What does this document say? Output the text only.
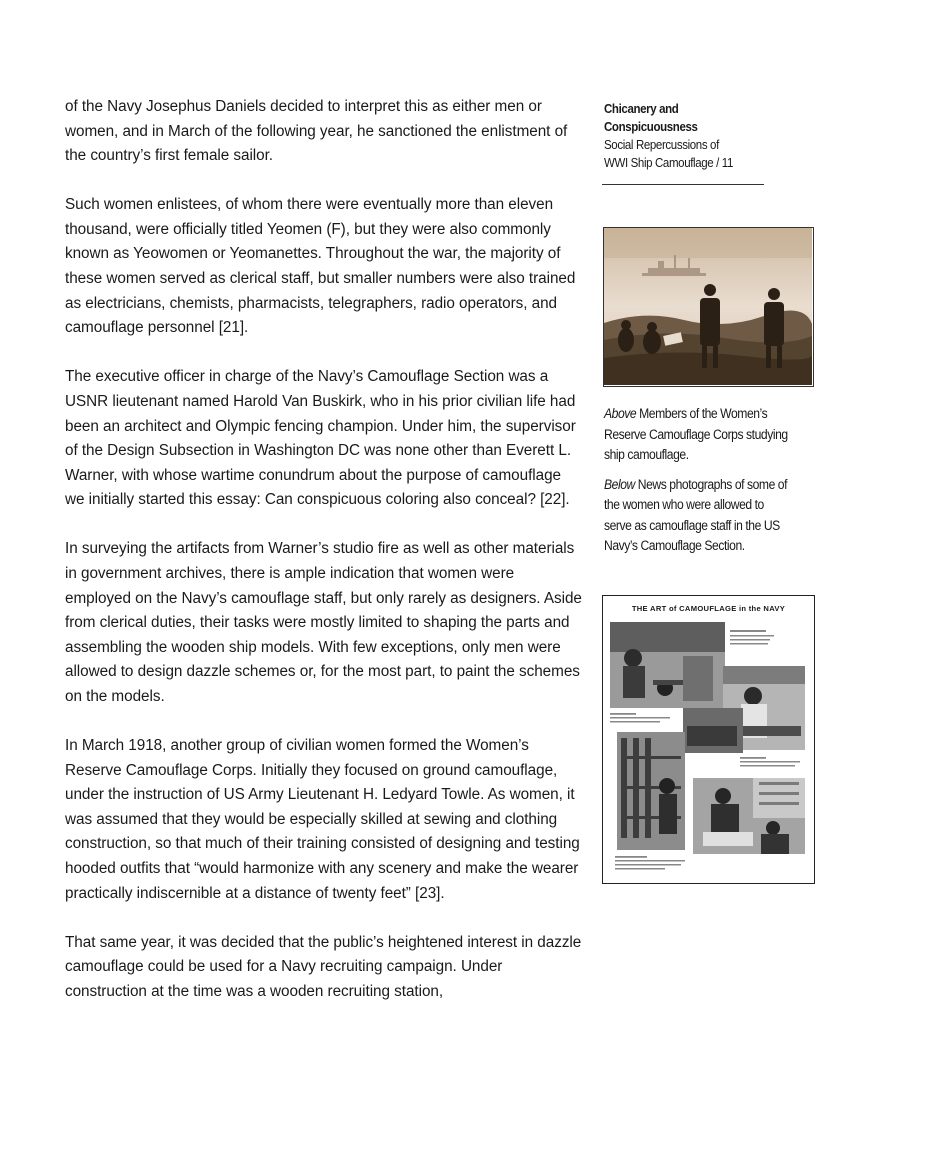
of the Navy Josephus Daniels decided to interpret this as either men or women, and in March of the following year, he sanctioned the enlistment of the country’s first female sailor.

Such women enlistees, of whom there were eventually more than eleven thousand, were officially titled Yeomen (F), but they were also commonly known as Yeowomen or Yeomanettes. Throughout the war, the majority of these women served as clerical staff, but smaller numbers were also trained as electricians, chemists, pharmacists, telegraphers, radio operators, and camouflage personnel [21].

The executive officer in charge of the Navy’s Camouflage Section was a USNR lieutenant named Harold Van Buskirk, who in his prior civilian life had been an architect and Olympic fencing champion. Under him, the supervisor of the Design Subsection in Washington DC was none other than Everett L. Warner, with whose wartime conundrum about the purpose of camouflage we initially started this essay: Can conspicuous coloring also conceal? [22].

In surveying the artifacts from Warner’s studio fire as well as other materials in government archives, there is ample indication that women were employed on the Navy’s camouflage staff, but only rarely as designers. Aside from clerical duties, their tasks were mostly limited to shaping the parts and assembling the wooden ship models. With few exceptions, only men were allowed to design dazzle schemes or, for the most part, to paint the schemes on the models.

In March 1918, another group of civilian women formed the Women’s Reserve Camouflage Corps. Initially they focused on ground camouflage, under the instruction of US Army Lieutenant H. Ledyard Towle. As women, it was assumed that they would be especially skilled at sewing and clothing construction, so that much of their training consisted of designing and testing hooded outfits that “would harmonize with any scenery and make the wearer practically indiscernible at a distance of twenty feet” [23].

That same year, it was decided that the public’s heightened interest in dazzle camouflage could be used for a Navy recruiting campaign. Under construction at the time was a wooden recruiting station,

Chicanery and
Conspicuousness
Social Repercussions of
WWI Ship Camouflage / 11

Above Members of the Women’s Reserve Camouflage Corps studying ship camouflage.

Below News photographs of some of the women who were allowed to serve as camouflage staff in the US Navy’s Camouflage Section.

THE ART of CAMOUFLAGE in the NAVY
